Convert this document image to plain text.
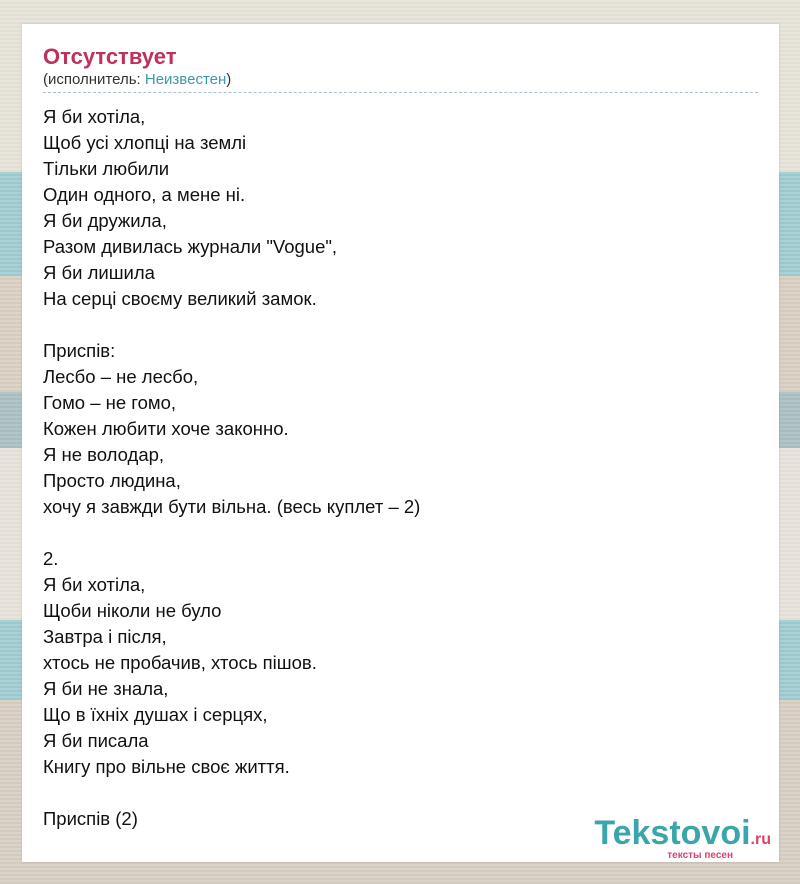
Отсутствует
(исполнитель: Неизвестен)
Я би хотіла,
Щоб усі хлопці на землі
Тільки любили
Один одного, а мене ні.
Я би дружила,
Разом дивилась журнали "Vogue",
Я би лишила
На серці своєму великий замок.
Приспів:
Лесбо – не лесбо,
Гомо – не гомо,
Кожен любити хоче законно.
Я не володар,
Просто людина,
хочу я завжди бути вільна. (весь куплет – 2)
2.
Я би хотіла,
Щоби ніколи не було
Завтра і після,
хтось не пробачив, хтось пішов.
Я би не знала,
Що в їхніх душах і серцях,
Я би писала
Книгу про вільне своє життя.
Приспів (2)	Tekstovoi.ru
тексты песен
